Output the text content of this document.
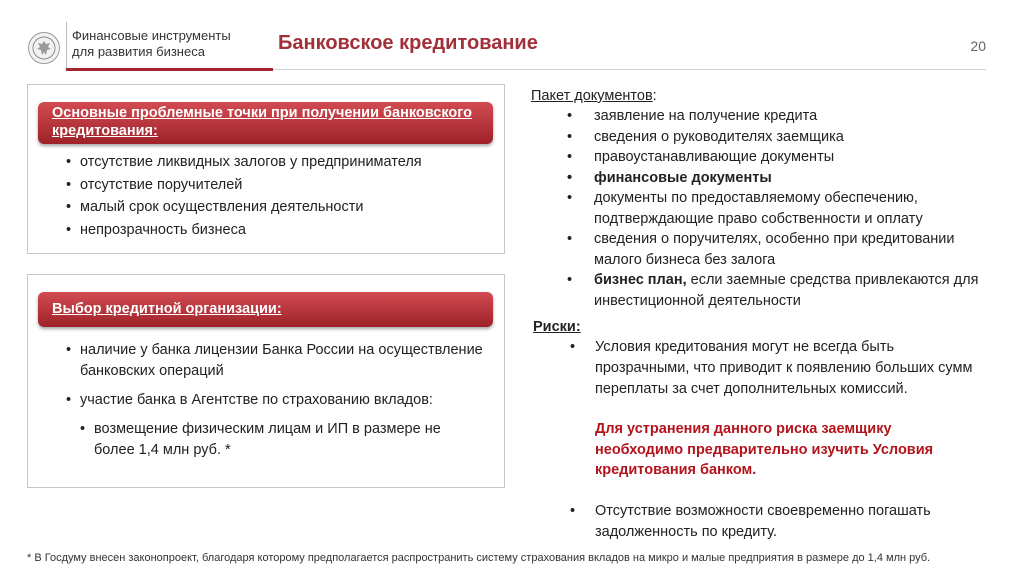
Финансовые инструменты
для развития бизнеса	Банковское кредитование	20
Основные проблемные точки при получении банковского кредитования:
• отсутствие ликвидных залогов у предпринимателя
• отсутствие поручителей
• малый срок осуществления деятельности
• непрозрачность бизнеса
Выбор кредитной организации:
• наличие у банка лицензии Банка России на осуществление банковских операций
• участие банка в Агентстве по страхованию вкладов:
• возмещение физическим лицам и ИП в размере не более 1,4 млн руб. *
Пакет документов:
• заявление на получение кредита
• сведения о руководителях заемщика
• правоустанавливающие документы
• финансовые документы
• документы по предоставляемому обеспечению, подтверждающие право собственности и оплату
• сведения о поручителях, особенно при кредитовании малого бизнеса без залога
• бизнес план, если заемные средства привлекаются для инвестиционной деятельности
Риски:
• Условия кредитования могут не всегда быть прозрачными, что приводит к появлению больших сумм переплаты за счет дополнительных комиссий.
Для устранения данного риска заемщику необходимо предварительно изучить Условия кредитования банком.
• Отсутствие возможности своевременно погашать задолженность по кредиту.
* В Госдуму внесен законопроект, благодаря которому предполагается распространить систему страхования вкладов на микро и малые предприятия в размере до 1,4 млн руб.
